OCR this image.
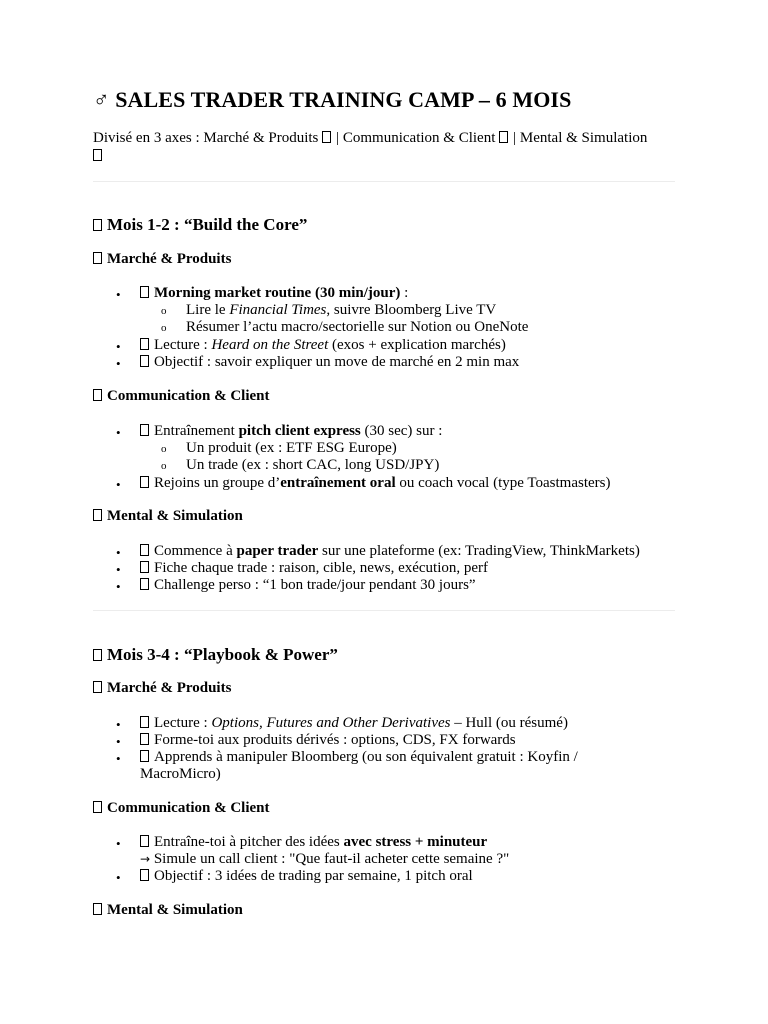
♂ SALES TRADER TRAINING CAMP – 6 MOIS

Divisé en 3 axes : Marché & Produits | Communication & Client | Mental & Simulation

Mois 1-2 : “Build the Core”
Marché & Produits
•	Morning market routine (30 min/jour) :
o Lire le Financial Times, suivre Bloomberg Live TV
o Résumer l’actu macro/sectorielle sur Notion ou OneNote
•	Lecture : Heard on the Street (exos + explication marchés)
•	Objectif : savoir expliquer un move de marché en 2 min max
Communication & Client
•	Entraînement pitch client express (30 sec) sur :
o Un produit (ex : ETF ESG Europe)
o Un trade (ex : short CAC, long USD/JPY)
•	Rejoins un groupe d’entraînement oral ou coach vocal (type Toastmasters)
Mental & Simulation
•	Commence à paper trader sur une plateforme (ex: TradingView, ThinkMarkets)
•	Fiche chaque trade : raison, cible, news, exécution, perf
•	Challenge perso : “1 bon trade/jour pendant 30 jours”
Mois 3-4 : “Playbook & Power”
Marché & Produits
•	Lecture : Options, Futures and Other Derivatives – Hull (ou résumé)
•	Forme-toi aux produits dérivés : options, CDS, FX forwards
•	Apprends à manipuler Bloomberg (ou son équivalent gratuit : Koyfin /
MacroMicro)
Communication & Client
•	Entraîne-toi à pitcher des idées avec stress + minuteur
→ Simule un call client : "Que faut-il acheter cette semaine ?"
•	Objectif : 3 idées de trading par semaine, 1 pitch oral
Mental & Simulation
